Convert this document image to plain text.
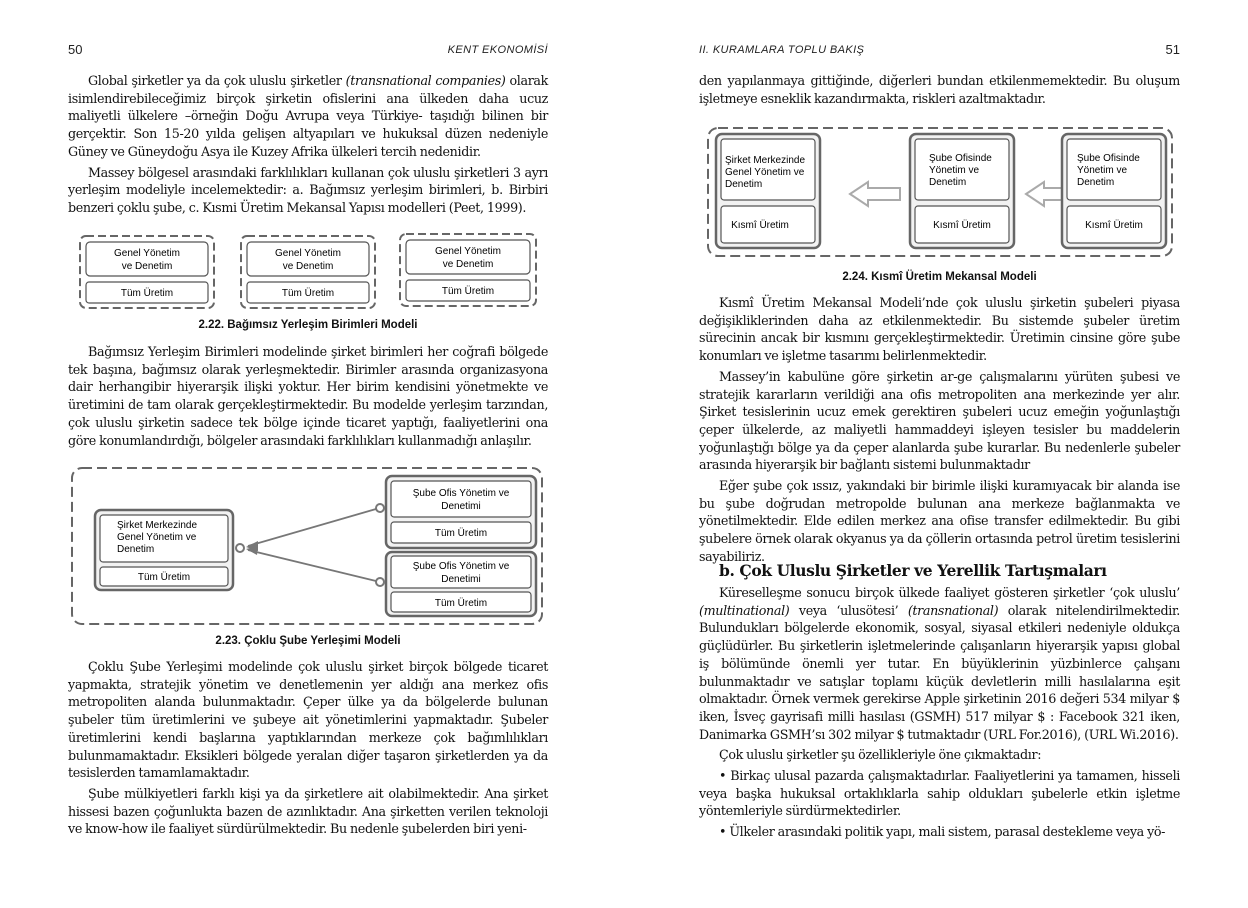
50	KENT EKONOMİSİ

Global şirketler ya da çok uluslu şirketler (transnational companies) olarak isimlendirebileceğimiz birçok şirketin ofislerini ana ülkeden daha ucuz maliyetli ülkelere –örneğin Doğu Avrupa veya Türkiye- taşıdığı bilinen bir gerçektir. Son 15-20 yılda gelişen altyapıları ve hukuksal düzen nedeniyle Güney ve Güneydoğu Asya ile Kuzey Afrika ülkeleri tercih nedenidir.

Massey bölgesel arasındaki farklılıkları kullanan çok uluslu şirketleri 3 ayrı yerleşim modeliyle incelemektedir: a. Bağımsız yerleşim birimleri, b. Birbiri benzeri çoklu şube, c. Kısmi Üretim Mekansal Yapısı modelleri (Peet, 1999).

Genel Yönetim
ve Denetim
Tüm Üretim
Genel Yönetim
ve Denetim
Tüm Üretim
Genel Yönetim
ve Denetim
Tüm Üretim
2.22. Bağımsız Yerleşim Birimleri Modeli

Bağımsız Yerleşim Birimleri modelinde şirket birimleri her coğrafi bölgede tek başına, bağımsız olarak yerleşmektedir. Birimler arasında organizasyona dair herhangibir hiyerarşik ilişki yoktur. Her birim kendisini yönetmekte ve üretimini de tam olarak gerçekleştirmektedir. Bu modelde yerleşim tarzından, çok uluslu şirketin sadece tek bölge içinde ticaret yaptığı, faaliyetlerini ona göre konumlandırdığı, bölgeler arasındaki farklılıkları kullanmadığı anlaşılır.

Şirket Merkezinde
Genel Yönetim ve
Denetim
Tüm Üretim
Şube Ofis Yönetim ve
Denetimi
Tüm Üretim
Şube Ofis Yönetim ve
Denetimi
Tüm Üretim
2.23. Çoklu Şube Yerleşimi Modeli

Çoklu Şube Yerleşimi modelinde çok uluslu şirket birçok bölgede ticaret yapmakta, stratejik yönetim ve denetlemenin yer aldığı ana merkez ofis metropoliten alanda bulunmaktadır. Çeper ülke ya da bölgelerde bulunan şubeler tüm üretimlerini ve şubeye ait yönetimlerini yapmaktadır. Şubeler üretimlerini kendi başlarına yaptıklarından merkeze çok bağımlılıkları bulunmamaktadır. Eksikleri bölgede yeralan diğer taşaron şirketlerden ya da tesislerden tamamlamaktadır.

Şube mülkiyetleri farklı kişi ya da şirketlere ait olabilmektedir. Ana şirket hissesi bazen çoğunlukta bazen de azınlıktadır. Ana şirketten verilen teknoloji ve know-how ile faaliyet sürdürülmektedir. Bu nedenle şubelerden biri yeni-

II. KURAMLARA TOPLU BAKIŞ	51

den yapılanmaya gittiğinde, diğerleri bundan etkilenmemektedir. Bu oluşum işletmeye esneklik kazandırmakta, riskleri azaltmaktadır.

Şirket Merkezinde
Genel Yönetim ve
Denetim
Kısmî Üretim
Şube Ofisinde
Yönetim ve
Denetim
Kısmî Üretim
Şube Ofisinde
Yönetim ve
Denetim
Kısmî Üretim
2.24. Kısmî Üretim Mekansal Modeli

Kısmî Üretim Mekansal Modeli’nde çok uluslu şirketin şubeleri piyasa değişikliklerinden daha az etkilenmektedir. Bu sistemde şubeler üretim sürecinin ancak bir kısmını gerçekleştirmektedir. Üretimin cinsine göre şube konumları ve işletme tasarımı belirlenmektedir.

Massey’in kabulüne göre şirketin ar-ge çalışmalarını yürüten şubesi ve stratejik kararların verildiği ana ofis metropoliten ana merkezinde yer alır. Şirket tesislerinin ucuz emek gerektiren şubeleri ucuz emeğin yoğunlaştığı çeper ülkelerde, az maliyetli hammaddeyi işleyen tesisler bu maddelerin yoğunlaştığı bölge ya da çeper alanlarda şube kurarlar. Bu nedenlerle şubeler arasında hiyerarşik bir bağlantı sistemi bulunmaktadır

Eğer şube çok ıssız, yakındaki bir birimle ilişki kuramıyacak bir alanda ise bu şube doğrudan metropolde bulunan ana merkeze bağlanmakta ve yönetilmektedir. Elde edilen merkez ana ofise transfer edilmektedir. Bu gibi şubelere örnek olarak okyanus ya da çöllerin ortasında petrol üretim tesislerini sayabiliriz.

b. Çok Uluslu Şirketler ve Yerellik Tartışmaları

Küreselleşme sonucu birçok ülkede faaliyet gösteren şirketler ‘çok uluslu’ (multinational) veya ‘ulusötesi’ (transnational) olarak nitelendirilmektedir. Bulundukları bölgelerde ekonomik, sosyal, siyasal etkileri nedeniyle oldukça güçlüdürler. Bu şirketlerin işletmelerinde çalışanların hiyerarşik yapısı global iş bölümünde önemli yer tutar. En büyüklerinin yüzbinlerce çalışanı bulunmaktadır ve satışlar toplamı küçük devletlerin milli hasılalarına eşit olmaktadır. Örnek vermek gerekirse Apple şirketinin 2016 değeri 534 milyar $ iken, İsveç gayrisafi milli hasılası (GSMH) 517 milyar $ : Facebook 321 iken, Danimarka GSMH’sı 302 milyar $ tutmaktadır (URL For.2016), (URL Wi.2016).

Çok uluslu şirketler şu özellikleriyle öne çıkmaktadır:

• Birkaç ulusal pazarda çalışmaktadırlar. Faaliyetlerini ya tamamen, hisseli veya başka hukuksal ortaklıklarla sahip oldukları şubelerle etkin işletme yöntemleriyle sürdürmektedirler.

• Ülkeler arasındaki politik yapı, mali sistem, parasal destekleme veya yö-
